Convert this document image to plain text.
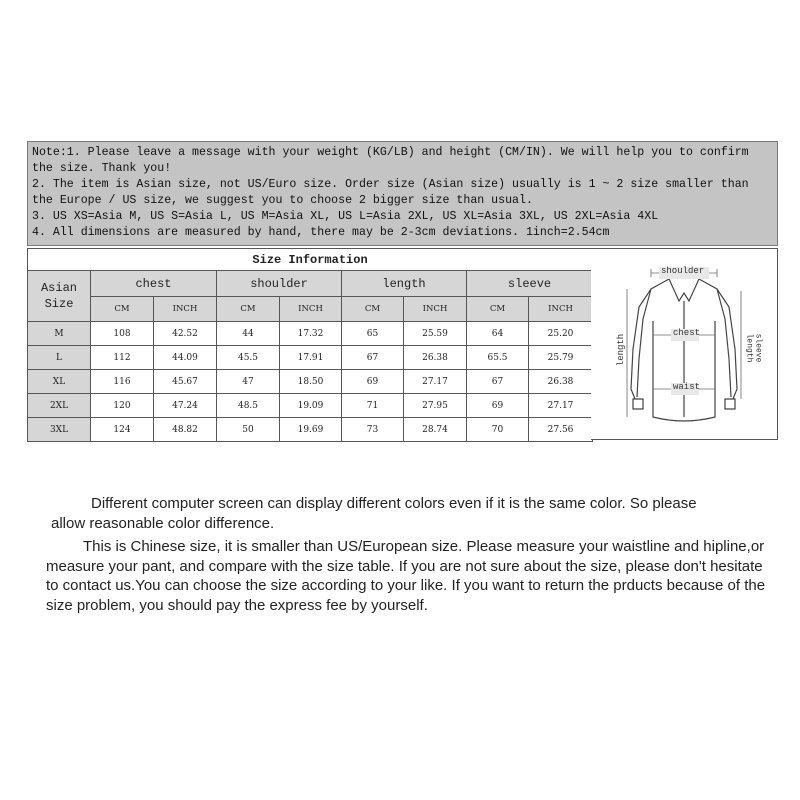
Note:1. Please leave a message with your weight (KG/LB) and height (CM/IN). We will help you to confirm
the size. Thank you!
2. The item is Asian size, not US/Euro size. Order size (Asian size) usually is 1 ~ 2 size smaller than
the Europe / US size, we suggest you to choose 2 bigger size than usual.
3. US XS=Asia M, US S=Asia L, US M=Asia XL, US L=Asia 2XL, US XL=Asia 3XL, US 2XL=Asia 4XL
4. All dimensions are measured by hand, there may be 2-3cm deviations. 1inch=2.54cm
Size Information								
Asian
Size	chest		shoulder		length		sleeve	
	CM	INCH	CM	INCH	CM	INCH	CM	INCH
M	108	42.52	44	17.32	65	25.59	64	25.20
L	112	44.09	45.5	17.91	67	26.38	65.5	25.79
XL	116	45.67	47	18.50	69	27.17	67	26.38
2XL	120	47.24	48.5	19.09	71	27.95	69	27.17
3XL	124	48.82	50	19.69	73	28.74	70	27.56
shoulder
chest
waist
length	sleeve
length
Different computer screen can display different colors even if it is the same color. So please
allow reasonable color difference.
This is Chinese size, it is smaller than US/European size. Please measure your waistline and hipline,or
measure your pant, and compare with the size table. If you are not sure about the size, please don't hesitate
to contact us.You can choose the size according to your like. If you want to return the prducts because of the
size problem, you should pay the express fee by yourself.
